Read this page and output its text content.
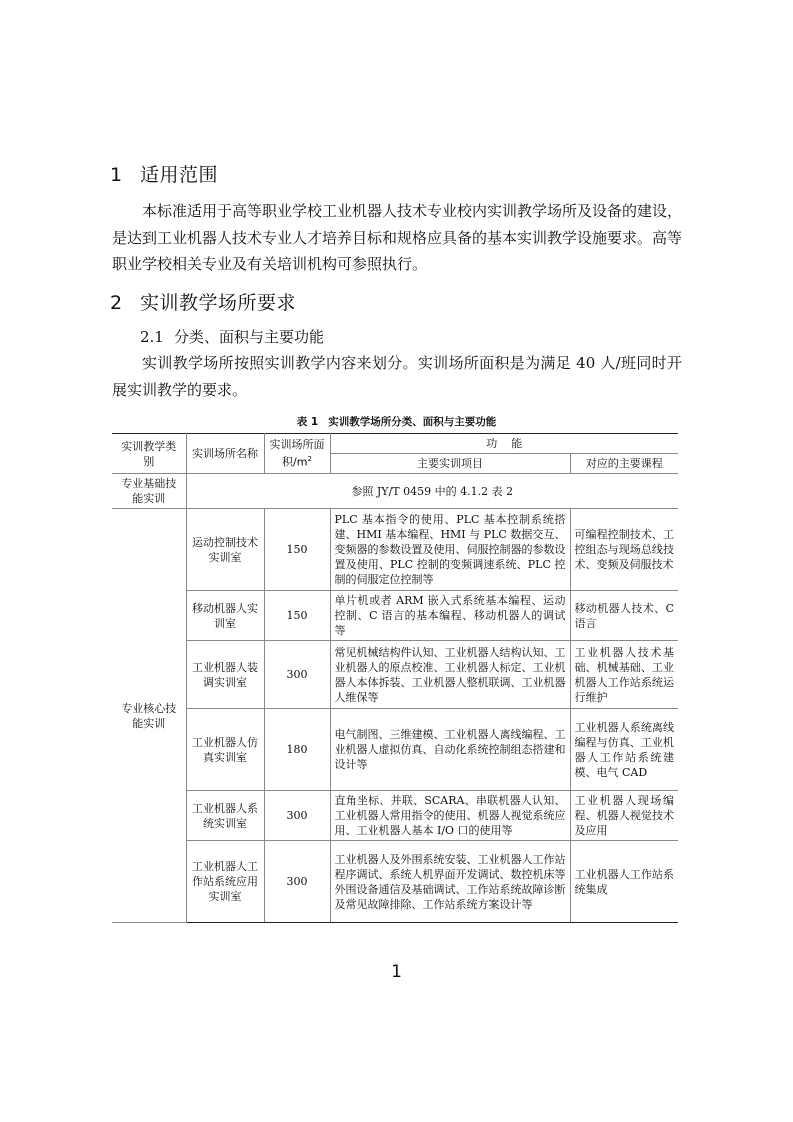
1 适用范围

本标准适用于高等职业学校工业机器人技术专业校内实训教学场所及设备的建设，是达到工业机器人技术专业人才培养目标和规格应具备的基本实训教学设施要求。高等职业学校相关专业及有关培训机构可参照执行。

2 实训教学场所要求
2.1 分类、面积与主要功能

实训教学场所按照实训教学内容来划分。实训场所面积是为满足 40 人/班同时开展实训教学的要求。

表 1 实训教学场所分类、面积与主要功能
实训教学类别	实训场所名称	实训场所面积$/m^2$	功    能	
			主要实训项目	对应的主要课程
专业基础技能实训	参照 JY/T 0459 中的 4.1.2 表 2			
专业核心技能实训	运动控制技术实训室	150	PLC 基本指令的使用、PLC 基本控制系统搭建、HMI 基本编程、HMI 与 PLC 数据交互、变频器的参数设置及使用、伺服控制器的参数设置及使用、PLC 控制的变频调速系统、PLC 控制的伺服定位控制等	可编程控制技术、工控组态与现场总线技术、变频及伺服技术
	移动机器人实训室	150	单片机或者 ARM 嵌入式系统基本编程、运动控制、C 语言的基本编程、移动机器人的调试等	移动机器人技术、C 语言
	工业机器人装调实训室	300	常见机械结构件认知、工业机器人结构认知、工业机器人的原点校准、工业机器人标定、工业机器人本体拆装、工业机器人整机联调、工业机器人维保等	工业机器人技术基础、机械基础、工业机器人工作站系统运行维护
	工业机器人仿真实训室	180	电气制图、三维建模、工业机器人离线编程、工业机器人虚拟仿真、自动化系统控制组态搭建和设计等	工业机器人系统离线编程与仿真、工业机器人工作站系统建模、电气 CAD
	工业机器人系统实训室	300	直角坐标、并联、SCARA、串联机器人认知、工业机器人常用指令的使用、机器人视觉系统应用、工业机器人基本 I/O 口的使用等	工业机器人现场编程、机器人视觉技术及应用
	工业机器人工作站系统应用实训室	300	工业机器人及外围系统安装、工业机器人工作站程序调试、系统人机界面开发调试、数控机床等外围设备通信及基础调试、工作站系统故障诊断及常见故障排除、工作站系统方案设计等	工业机器人工作站系统集成
1
